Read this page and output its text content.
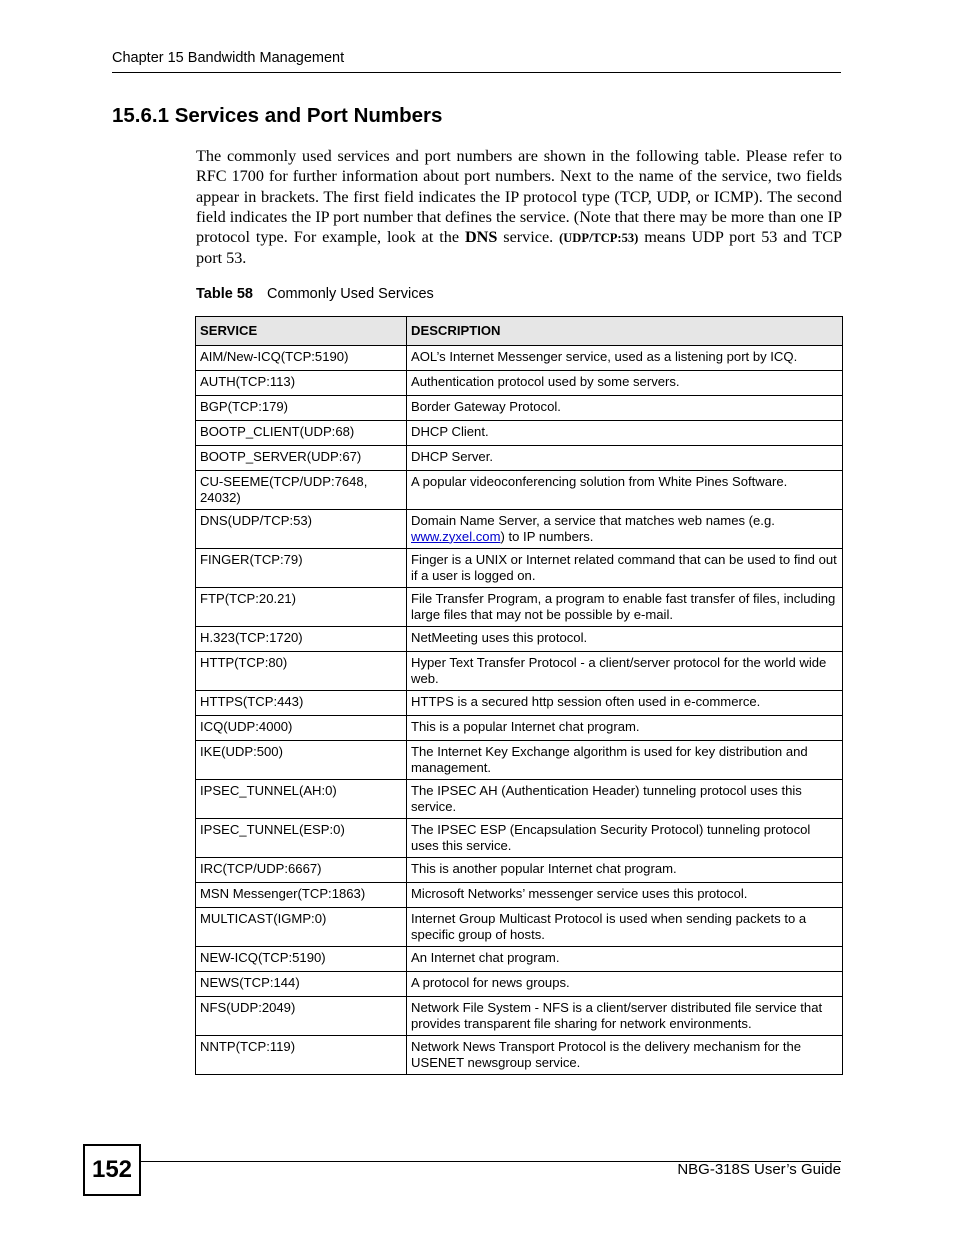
Chapter 15 Bandwidth Management
15.6.1 Services and Port Numbers

The commonly used services and port numbers are shown in the following table. Please refer to RFC 1700 for further information about port numbers. Next to the name of the service, two fields appear in brackets. The first field indicates the IP protocol type (TCP, UDP, or ICMP). The second field indicates the IP port number that defines the service. (Note that there may be more than one IP protocol type. For example, look at the DNS service. (UDP/TCP:53) means UDP port 53 and TCP port 53.

Table 58 Commonly Used Services
SERVICE	DESCRIPTION
AIM/New-ICQ(TCP:5190)	AOL’s Internet Messenger service, used as a listening port by ICQ.
AUTH(TCP:113)	Authentication protocol used by some servers.
BGP(TCP:179)	Border Gateway Protocol.
BOOTP_CLIENT(UDP:68)	DHCP Client.
BOOTP_SERVER(UDP:67)	DHCP Server.
CU-SEEME(TCP/UDP:7648, 24032)	A popular videoconferencing solution from White Pines Software.
DNS(UDP/TCP:53)	Domain Name Server, a service that matches web names (e.g. www.zyxel.com) to IP numbers.
FINGER(TCP:79)	Finger is a UNIX or Internet related command that can be used to find out if a user is logged on.
FTP(TCP:20.21)	File Transfer Program, a program to enable fast transfer of files, including large files that may not be possible by e-mail.
H.323(TCP:1720)	NetMeeting uses this protocol.
HTTP(TCP:80)	Hyper Text Transfer Protocol - a client/server protocol for the world wide web.
HTTPS(TCP:443)	HTTPS is a secured http session often used in e-commerce.
ICQ(UDP:4000)	This is a popular Internet chat program.
IKE(UDP:500)	The Internet Key Exchange algorithm is used for key distribution and management.
IPSEC_TUNNEL(AH:0)	The IPSEC AH (Authentication Header) tunneling protocol uses this service.
IPSEC_TUNNEL(ESP:0)	The IPSEC ESP (Encapsulation Security Protocol) tunneling protocol uses this service.
IRC(TCP/UDP:6667)	This is another popular Internet chat program.
MSN Messenger(TCP:1863)	Microsoft Networks’ messenger service uses this protocol.
MULTICAST(IGMP:0)	Internet Group Multicast Protocol is used when sending packets to a specific group of hosts.
NEW-ICQ(TCP:5190)	An Internet chat program.
NEWS(TCP:144)	A protocol for news groups.
NFS(UDP:2049)	Network File System - NFS is a client/server distributed file service that provides transparent file sharing for network environments.
NNTP(TCP:119)	Network News Transport Protocol is the delivery mechanism for the USENET newsgroup service.
152	NBG-318S User’s Guide
